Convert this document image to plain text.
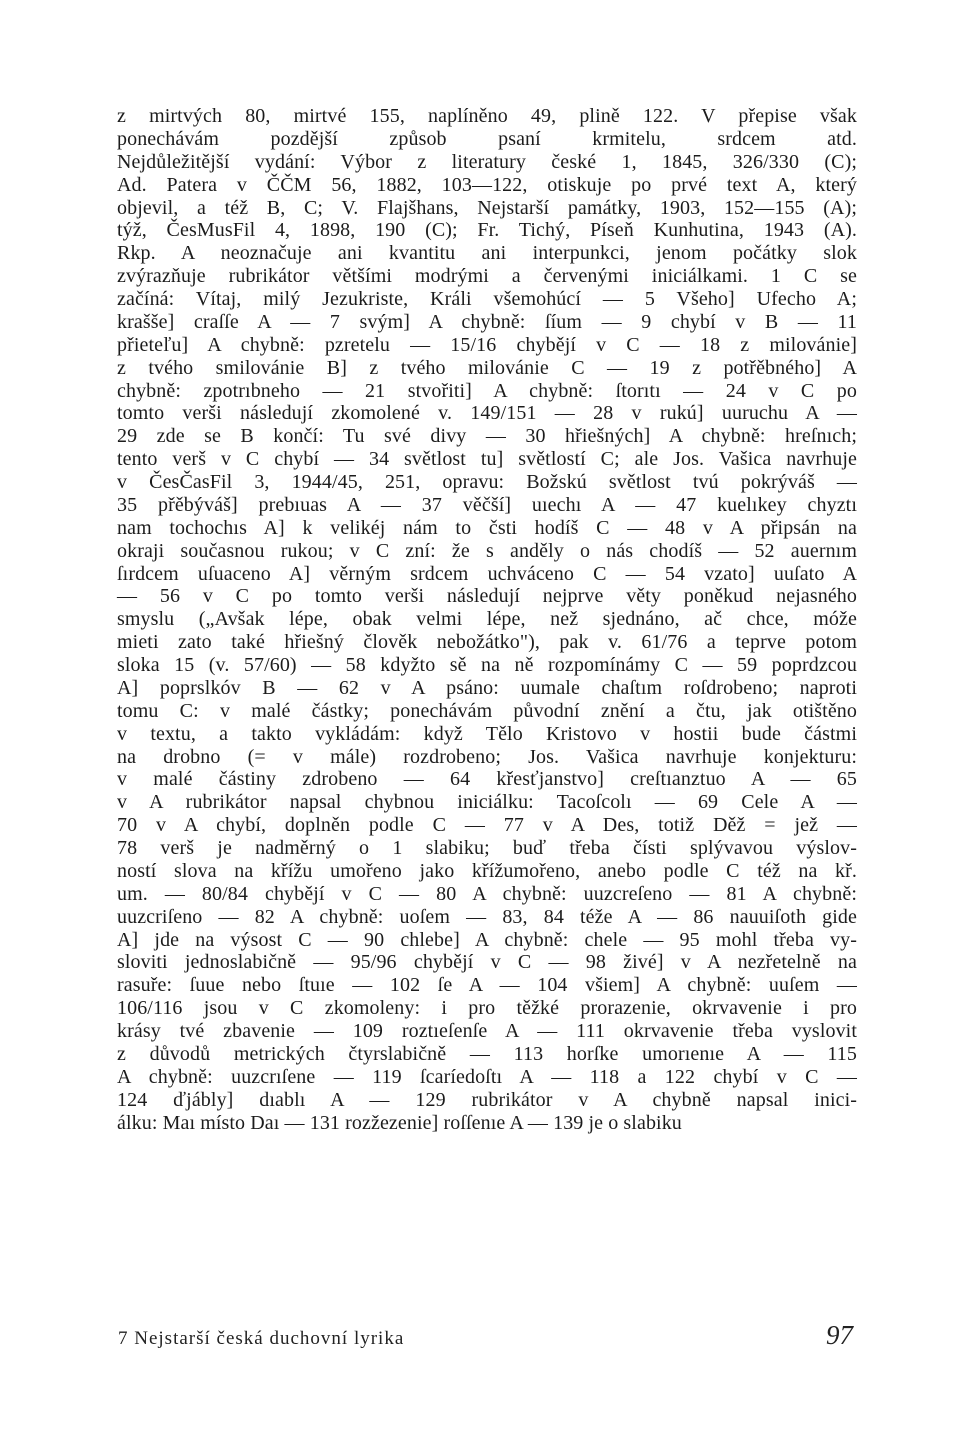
z mirtvých 80, mirtvé 155, naplíněno 49, plině 122. V přepise však
ponechávám pozdější způsob psaní krmitelu, srdcem atd.
Nejdůležitější vydání: Výbor z literatury české 1, 1845, 326/330 (C);
Ad. Patera v ČČM 56, 1882, 103—122, otiskuje po prvé text A, který
objevil, a též B, C; V. Flajšhans, Nejstarší památky, 1903, 152—155 (A);
týž, ČesMusFil 4, 1898, 190 (C); Fr. Tichý, Píseň Kunhutina, 1943 (A).
Rkp. A neoznačuje ani kvantitu ani interpunkci, jenom počátky slok
zvýrazňuje rubrikátor většími modrými a červenými iniciálkami. 1 C se
začíná: Vítaj, milý Jezukriste, Králi všemohúcí — 5 Všeho] Ufecho A;
krašše] craſſe A — 7 svým] A chybně: ſíum — 9 chybí v B — 11
přieteľu] A chybně: pzretelu — 15/16 chybějí v C — 18 z milovánie]
z tvého smilovánie B] z tvého milovánie C — 19 z potřěbného] A
chybně: zpotrıbneho — 21 stvořiti] A chybně: ſtorıtı — 24 v C po
tomto verši následují zkomolené v. 149/151 — 28 v rukú] uuruchu A —
29 zde se B končí: Tu své divy — 30 hřiešných] A chybně: hreſnıch;
tento verš v C chybí — 34 světlost tu] světlostí C; ale Jos. Vašica navrhuje
v ČesČasFil 3, 1944/45, 251, opravu: Božskú světlost tvú pokrýváš —
35 přěbýváš] prebıuas A — 37 věčší] uıechı A — 47 kuelıkey chyztı
nam tochochıs A] k velikéj nám to čsti hodíš C — 48 v A připsán na
okraji současnou rukou; v C zní: že s anděly o nás chodíš — 52 auernım
ſırdcem uſuaceno A] věrným srdcem uchváceno C — 54 vzato] uuſato A
— 56 v C po tomto verši následují nejprve věty poněkud nejasného
smyslu („Avšak lépe, obak velmi lépe, než sjednáno, ač chce, móže
mieti zato také hřiešný člověk nebožátko"), pak v. 61/76 a teprve potom
sloka 15 (v. 57/60) — 58 kdyžto sě na ně rozpomínámy C — 59 poprdzcou
A] poprslkóv B — 62 v A psáno: uumale chaſtım roſdrobeno; naproti
tomu C: v malé částky; ponechávám původní znění a čtu, jak otištěno
v textu, a takto vykládám: když Tělo Kristovo v hostii bude částmi
na drobno (= v mále) rozdrobeno; Jos. Vašica navrhuje konjekturu:
v malé částiny zdrobeno — 64 křesťjanstvo] creſtıanztuo A — 65
v A rubrikátor napsal chybnou iniciálku: Tacoſcolı — 69 Cele A —
70 v A chybí, doplněn podle C — 77 v A Des, totiž Děž = jež —
78 verš je nadměrný o 1 slabiku; buď třeba čísti splývavou výslov-
ností slova na křížu umořeno jako křížumořeno, anebo podle C též na kř.
um. — 80/84 chybějí v C — 80 A chybně: uuzcreſeno — 81 A chybně:
uuzcriſeno — 82 A chybně: uoſem — 83, 84 téže A — 86 nauuiſoth gide
A] jde na výsost C — 90 chlebe] A chybně: chele — 95 mohl třeba vy-
sloviti jednoslabičně — 95/96 chybějí v C — 98 živé] v A nezřetelně na
rasuře: ſuue nebo ſtuıe — 102 ſe A — 104 všiem] A chybně: uuſem —
106/116 jsou v C zkomoleny: i pro těžké prorazenie, okrvavenie i pro
krásy tvé zbavenie — 109 roztıeſenſe A — 111 okrvavenie třeba vyslovit
z důvodů metrických čtyrslabičně — 113 horſke umorıenıe A — 115
A chybně: uuzcrıſene — 119 ſcaríedoſtı A — 118 a 122 chybí v C —
124 ďjábly] dıablı A — 129 rubrikátor v A chybně napsal inici-
álku: Maı místo Daı — 131 rozžezenie] roſſenıe A — 139 je o slabiku
7 Nejstarší česká duchovní lyrika	97
